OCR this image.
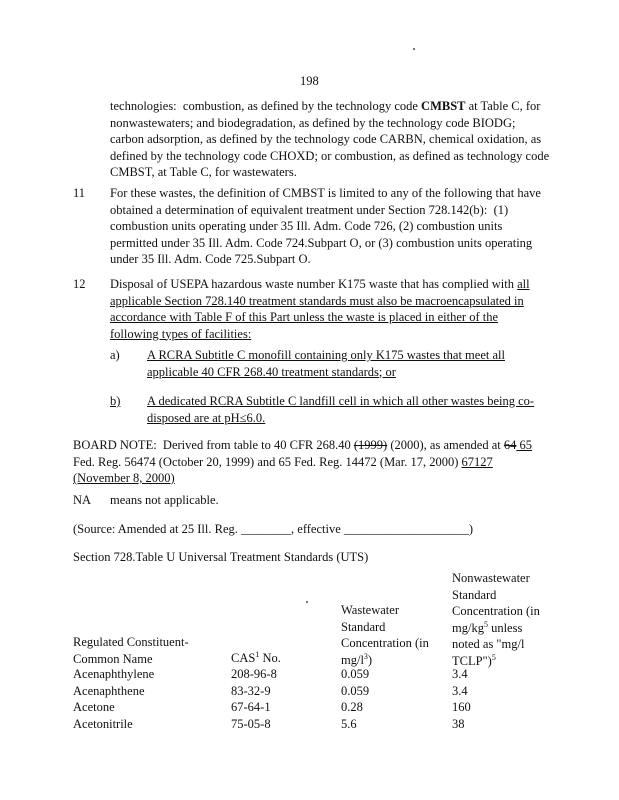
198
technologies:  combustion, as defined by the technology code CMBST at Table C, for
nonwastewaters; and biodegradation, as defined by the technology code BIODG;
carbon adsorption, as defined by the technology code CARBN, chemical oxidation, as
defined by the technology code CHOXD; or combustion, as defined as technology code
CMBST, at Table C, for wastewaters.
11 For these wastes, the definition of CMBST is limited to any of the following that have
obtained a determination of equivalent treatment under Section 728.142(b):  (1)
combustion units operating under 35 Ill. Adm. Code 726, (2) combustion units
permitted under 35 Ill. Adm. Code 724.Subpart O, or (3) combustion units operating
under 35 Ill. Adm. Code 725.Subpart O.
12 Disposal of USEPA hazardous waste number K175 waste that has complied with all
applicable Section 728.140 treatment standards must also be macroencapsulated in
accordance with Table F of this Part unless the waste is placed in either of the
following types of facilities:
a) A RCRA Subtitle C monofill containing only K175 wastes that meet all
applicable 40 CFR 268.40 treatment standards; or
b) A dedicated RCRA Subtitle C landfill cell in which all other wastes being co-
disposed are at pH≤6.0.
BOARD NOTE:  Derived from table to 40 CFR 268.40 (1999) (2000), as amended at 64 65
Fed. Reg. 56474 (October 20, 1999) and 65 Fed. Reg. 14472 (Mar. 17, 2000) 67127
(November 8, 2000)
NA means not applicable.
(Source: Amended at 25 Ill. Reg. ________, effective ____________________)
Section 728.Table U Universal Treatment Standards (UTS)
Regulated Constituent-
Common Name	CAS$^1$ No.
Wastewater
Standard
Concentration (in
$mg/l^3$)
Nonwastewater
Standard
Concentration (in
$mg/kg^5$ unless
noted as "mg/l
TCLP")$^5$
Acenaphthylene	208-96-8	0.059	3.4
Acenaphthene	83-32-9	0.059	3.4
Acetone	67-64-1	0.28	160
Acetonitrile	75-05-8	5.6	38
